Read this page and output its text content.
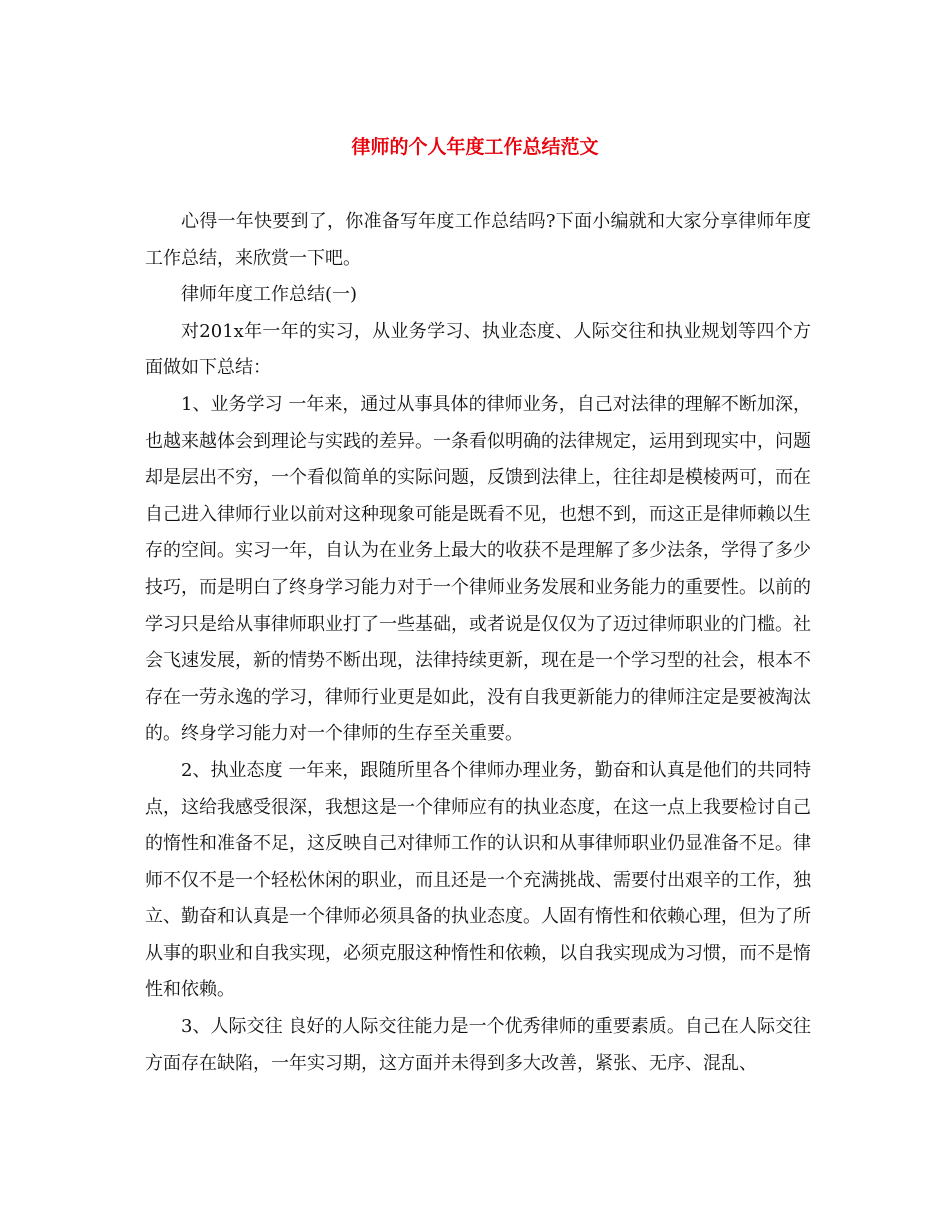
律师的个人年度工作总结范文

心得一年快要到了，你准备写年度工作总结吗?下面小编就和大家分享律师年度工作总结，来欣赏一下吧。

律师年度工作总结(一)

对201x年一年的实习，从业务学习、执业态度、人际交往和执业规划等四个方面做如下总结：

1、业务学习 一年来，通过从事具体的律师业务，自己对法律的理解不断加深，也越来越体会到理论与实践的差异。一条看似明确的法律规定，运用到现实中，问题却是层出不穷，一个看似简单的实际问题，反馈到法律上，往往却是模棱两可，而在自己进入律师行业以前对这种现象可能是既看不见，也想不到，而这正是律师赖以生存的空间。实习一年，自认为在业务上最大的收获不是理解了多少法条，学得了多少技巧，而是明白了终身学习能力对于一个律师业务发展和业务能力的重要性。以前的学习只是给从事律师职业打了一些基础，或者说是仅仅为了迈过律师职业的门槛。社会飞速发展，新的情势不断出现，法律持续更新，现在是一个学习型的社会，根本不存在一劳永逸的学习，律师行业更是如此，没有自我更新能力的律师注定是要被淘汰的。终身学习能力对一个律师的生存至关重要。

2、执业态度 一年来，跟随所里各个律师办理业务，勤奋和认真是他们的共同特点，这给我感受很深，我想这是一个律师应有的执业态度，在这一点上我要检讨自己的惰性和准备不足，这反映自己对律师工作的认识和从事律师职业仍显准备不足。律师不仅不是一个轻松休闲的职业，而且还是一个充满挑战、需要付出艰辛的工作，独立、勤奋和认真是一个律师必须具备的执业态度。人固有惰性和依赖心理，但为了所从事的职业和自我实现，必须克服这种惰性和依赖，以自我实现成为习惯，而不是惰性和依赖。

3、人际交往 良好的人际交往能力是一个优秀律师的重要素质。自己在人际交往方面存在缺陷，一年实习期，这方面并未得到多大改善，紧张、无序、混乱、
